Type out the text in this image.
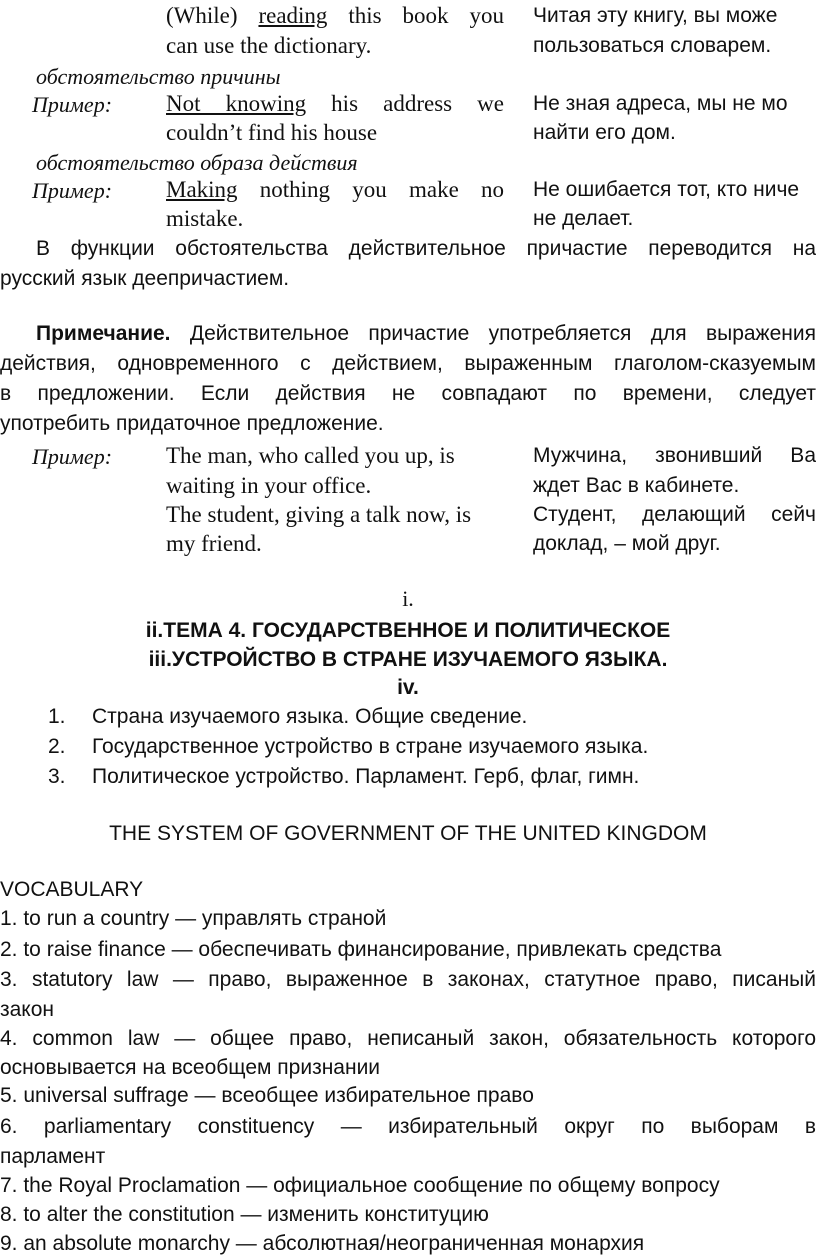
(While) reading this book you
can use the dictionary.
Читая эту книгу, вы може
пользоваться словарем.
обстоятельство причины
Пример: Not knowing his address we
couldn’t find his house
Не зная адреса, мы не мо
найти его дом.
обстоятельство образа действия
Пример: Making nothing you make no
mistake.
Не ошибается тот, кто ниче
не делает.
В функции обстоятельства действительное причастие переводится на
русский язык деепричастием.
Примечание. Действительное причастие употребляется для выражения
действия, одновременного с действием, выраженным глаголом-сказуемым
в предложении. Если действия не совпадают по времени, следует
употребить придаточное предложение.
Пример: The man, who called you up, is
waiting in your office.
The student, giving a talk now, is
my friend.
Мужчина, звонивший Ва
ждет Вас в кабинете.
Студент, делающий сейч
доклад, – мой друг.
i.
ii.ТЕМА 4. ГОСУДАРСТВЕННОЕ И ПОЛИТИЧЕСКОЕ
iii.УСТРОЙСТВО В СТРАНЕ ИЗУЧАЕМОГО ЯЗЫКА.
iv.
1. Страна изучаемого языка. Общие сведение.
2. Государственное устройство в стране изучаемого языка.
3. Политическое устройство. Парламент. Герб, флаг, гимн.
THE SYSTEM OF GOVERNMENT OF THE UNITED KINGDOM
VOCABULARY
1. to run a country — управлять страной
2. to raise finance — обеспечивать финансирование, привлекать средства
3. statutory law — право, выраженное в законах, статутное право, писаный
закон
4. common law — общее право, неписаный закон, обязательность которого
основывается на всеобщем признании
5. universal suffrage — всеобщее избирательное право
6. parliamentary constituency — избирательный округ по выборам в
парламент
7. the Royal Proclamation — официальное сообщение по общему вопросу
8. to alter the constitution — изменить конституцию
9. an absolute monarchy — абсолютная/неограниченная монархия
